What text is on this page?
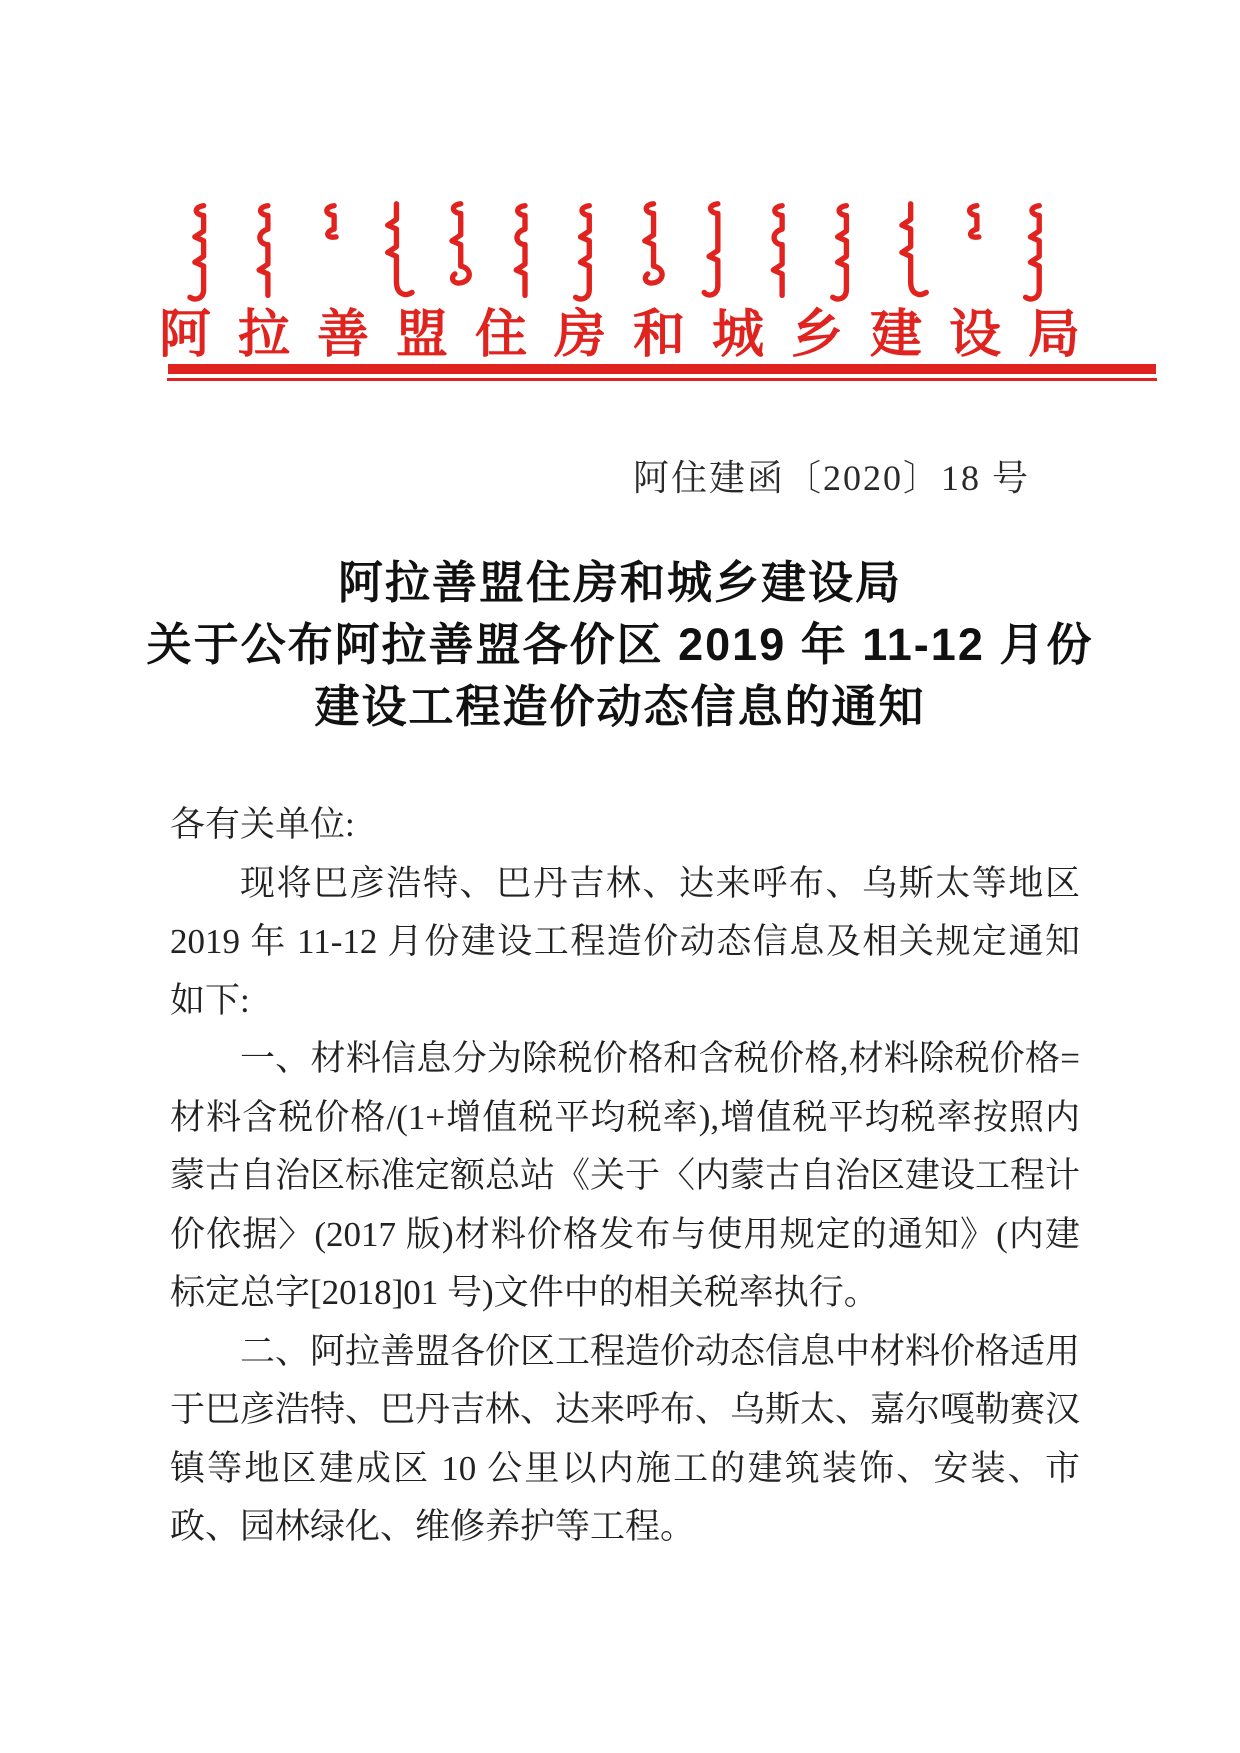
阿拉善盟住房和城乡建设局
阿住建函〔2020〕18 号
阿拉善盟住房和城乡建设局
关于公布阿拉善盟各价区 2019 年 11-12 月份
建设工程造价动态信息的通知

各有关单位:

现将巴彦浩特、巴丹吉林、达来呼布、乌斯太等地区 2019 年 11-12 月份建设工程造价动态信息及相关规定通知如下:

一、材料信息分为除税价格和含税价格,材料除税价格=材料含税价格/(1+增值税平均税率),增值税平均税率按照内蒙古自治区标准定额总站《关于〈内蒙古自治区建设工程计价依据〉(2017 版)材料价格发布与使用规定的通知》(内建标定总字[2018]01 号)文件中的相关税率执行。

二、阿拉善盟各价区工程造价动态信息中材料价格适用于巴彦浩特、巴丹吉林、达来呼布、乌斯太、嘉尔嘎勒赛汉镇等地区建成区 10 公里以内施工的建筑装饰、安装、市政、园林绿化、维修养护等工程。
